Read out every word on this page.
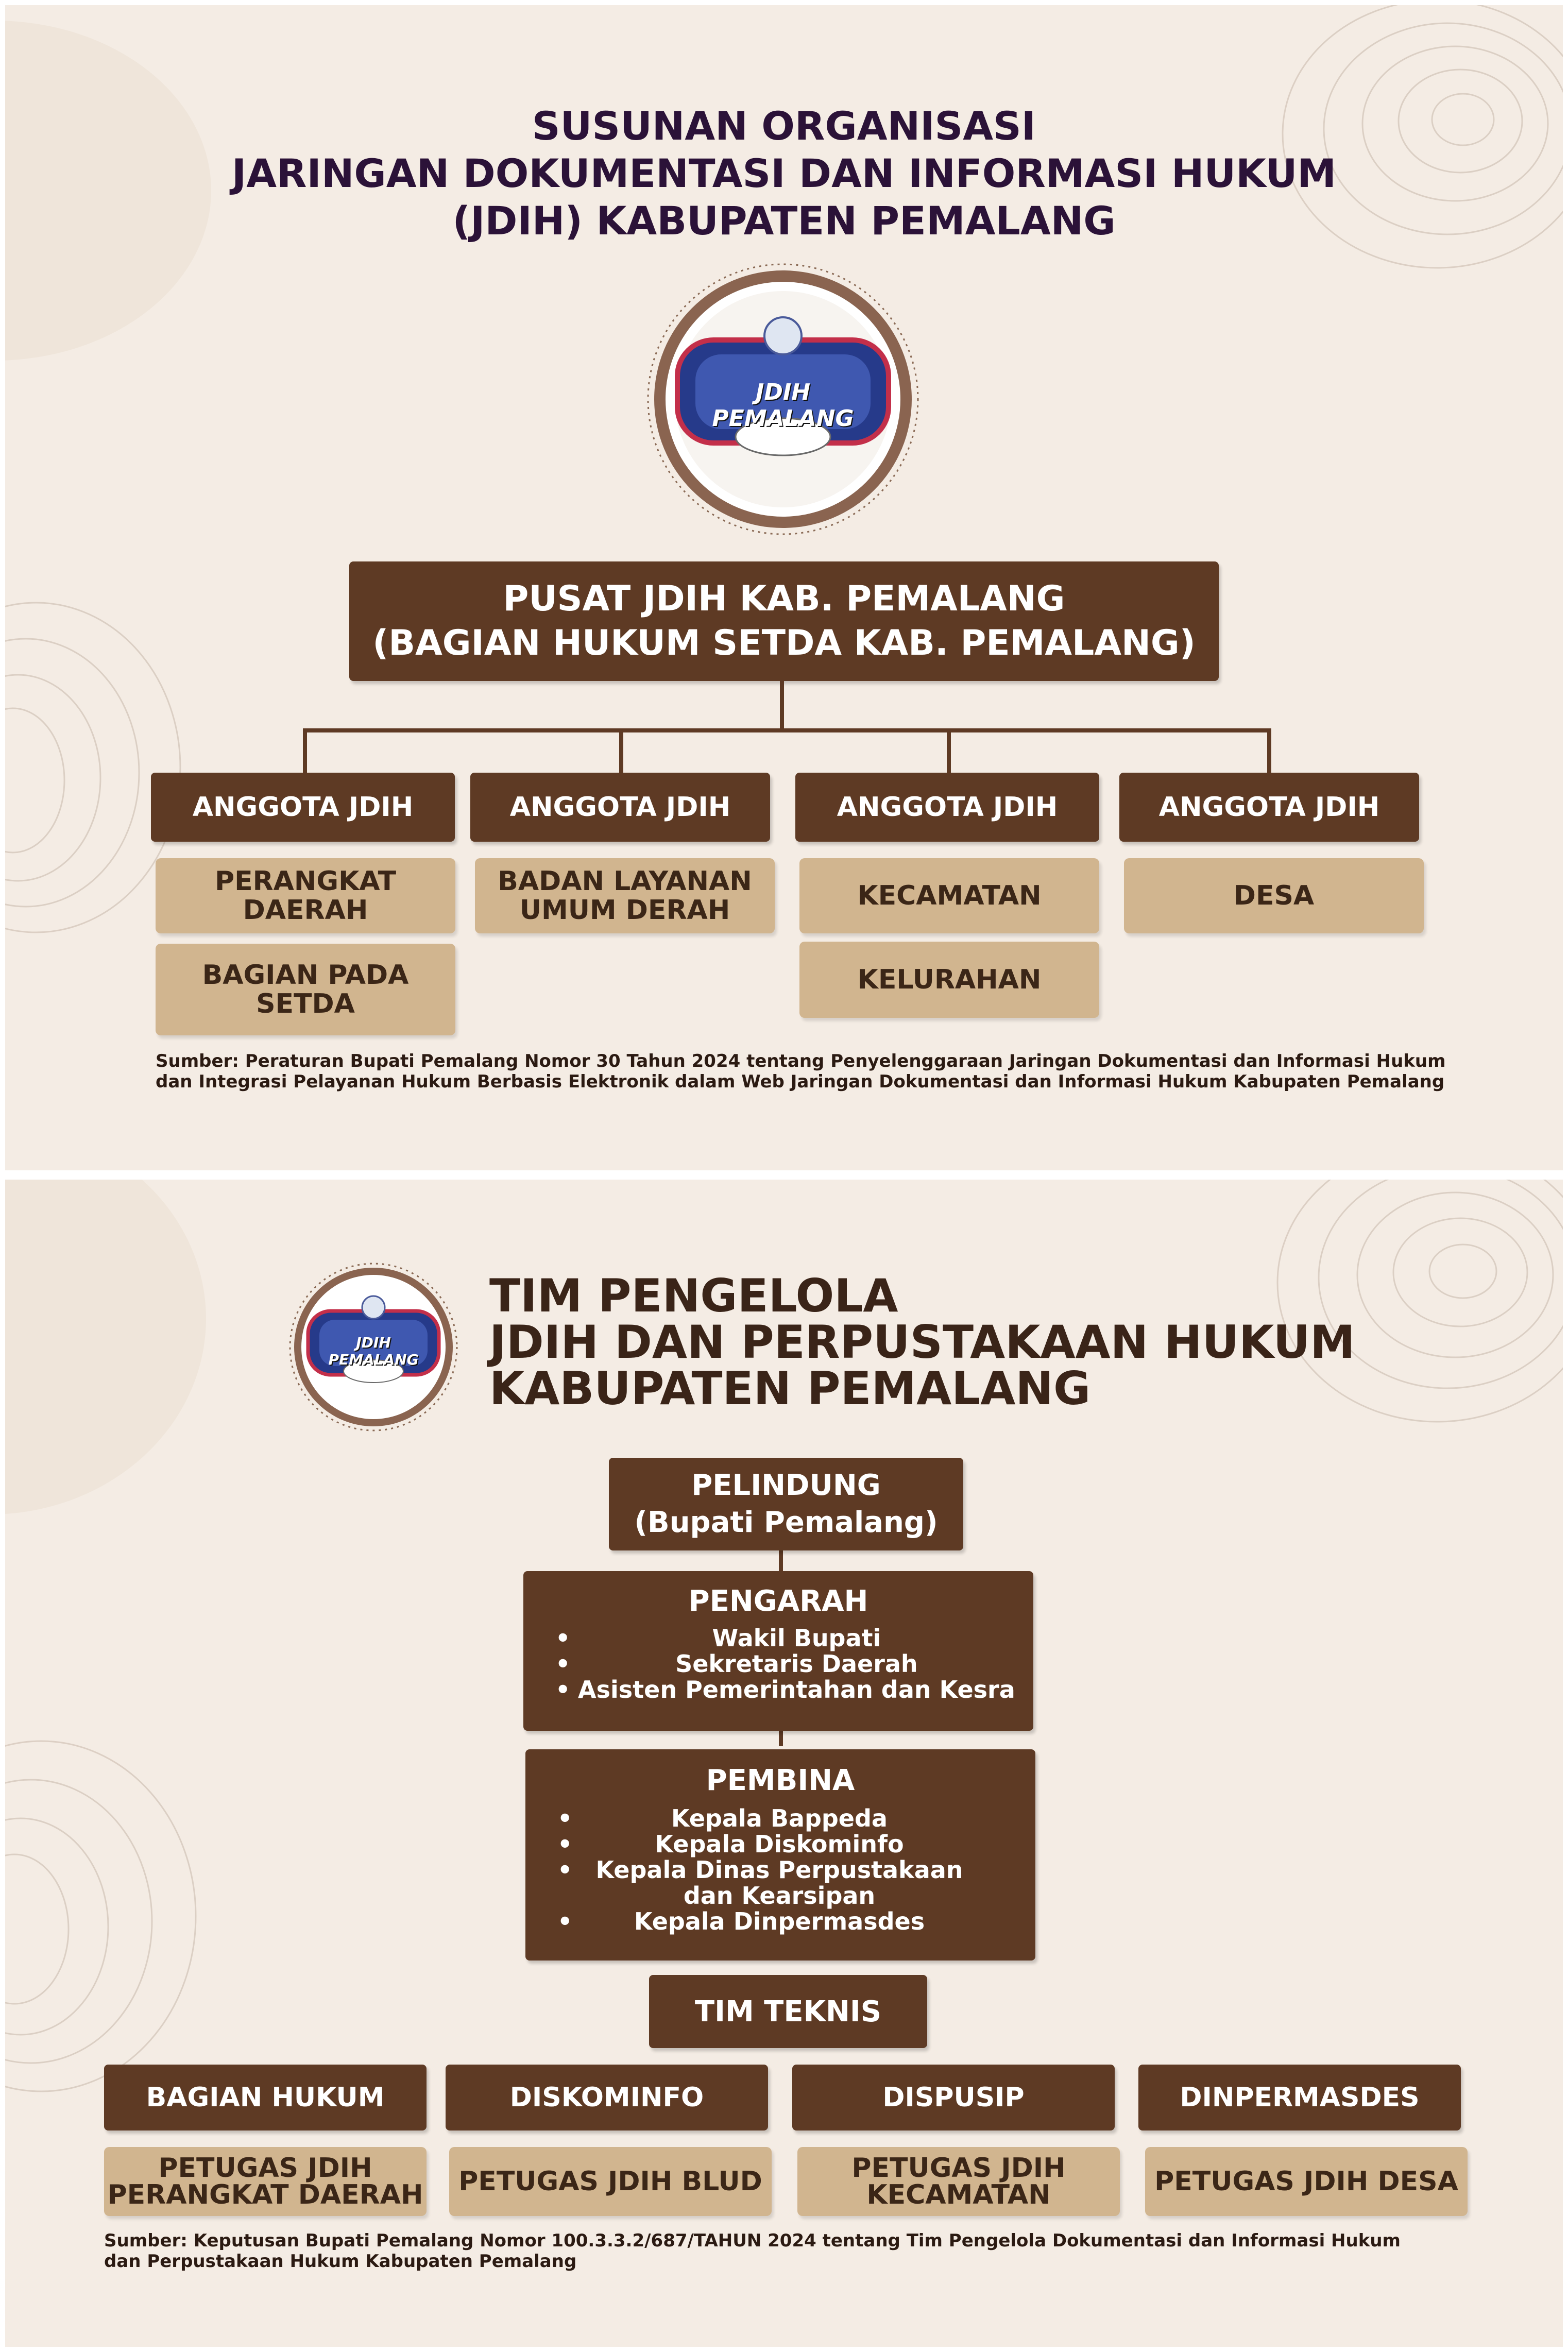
SUSUNAN ORGANISASI
JARINGAN DOKUMENTASI DAN INFORMASI HUKUM
(JDIH) KABUPATEN PEMALANG
JDIH PEMALANG
PUSAT JDIH KAB. PEMALANG
(BAGIAN HUKUM SETDA KAB. PEMALANG)
ANGGOTA JDIH	ANGGOTA JDIH	ANGGOTA JDIH	ANGGOTA JDIH
PERANGKAT
DAERAH
BAGIAN PADA
SETDA
BADAN LAYANAN
UMUM DERAH	KECAMATAN
KELURAHAN
DESA
Sumber: Peraturan Bupati Pemalang Nomor 30 Tahun 2024 tentang Penyelenggaraan Jaringan Dokumentasi dan Informasi Hukum
dan Integrasi Pelayanan Hukum Berbasis Elektronik dalam Web Jaringan Dokumentasi dan Informasi Hukum Kabupaten Pemalang
JDIH PEMALANG
TIM PENGELOLA
JDIH DAN PERPUSTAKAAN HUKUM
KABUPATEN PEMALANG
PELINDUNG
(Bupati Pemalang)
PENGARAH
• Wakil Bupati
• Sekretaris Daerah
• Asisten Pemerintahan dan Kesra
PEMBINA
• Kepala Bappeda
• Kepala Diskominfo
• Kepala Dinas Perpustakaan dan Kearsipan
• Kepala Dinpermasdes
TIM TEKNIS
BAGIAN HUKUM	DISKOMINFO	DISPUSIP	DINPERMASDES
PETUGAS JDIH
PERANGKAT DAERAH	PETUGAS JDIH BLUD	PETUGAS JDIH
KECAMATAN	PETUGAS JDIH DESA
Sumber: Keputusan Bupati Pemalang Nomor 100.3.3.2/687/TAHUN 2024 tentang Tim Pengelola Dokumentasi dan Informasi Hukum
dan Perpustakaan Hukum Kabupaten Pemalang
